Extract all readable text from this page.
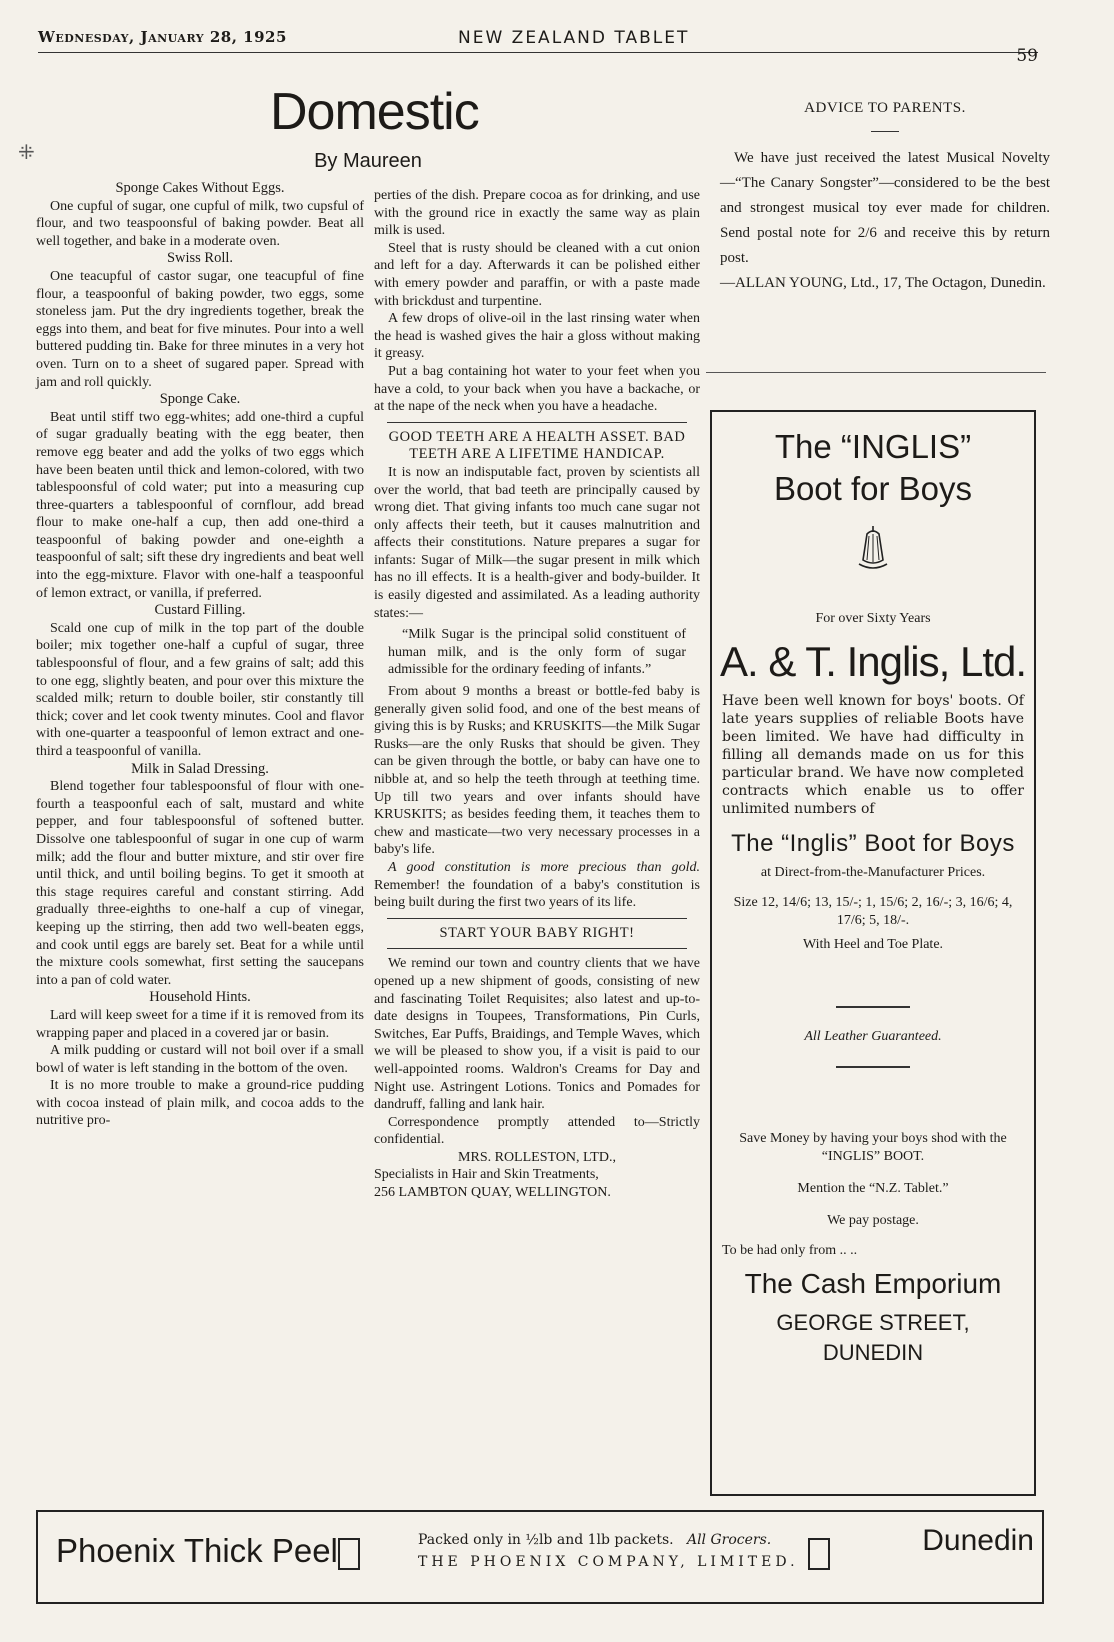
Wednesday, January 28, 1925	NEW ZEALAND TABLET
59
⁜
Domestic
By Maureen
Sponge Cakes Without Eggs.

One cupful of sugar, one cupful of milk, two cupsful of flour, and two teaspoonsful of baking powder. Beat all well together, and bake in a moderate oven.

Swiss Roll.

One teacupful of castor sugar, one teacupful of fine flour, a teaspoonful of baking powder, two eggs, some stoneless jam. Put the dry ingredients together, break the eggs into them, and beat for five minutes. Pour into a well buttered pudding tin. Bake for three minutes in a very hot oven. Turn on to a sheet of sugared paper. Spread with jam and roll quickly.

Sponge Cake.

Beat until stiff two egg-whites; add one-third a cupful of sugar gradually beating with the egg beater, then remove egg beater and add the yolks of two eggs which have been beaten until thick and lemon-colored, with two tablespoonsful of cold water; put into a measuring cup three-quarters a tablespoonful of cornflour, add bread flour to make one-half a cup, then add one-third a teaspoonful of baking powder and one-eighth a teaspoonful of salt; sift these dry ingredients and beat well into the egg-mixture. Flavor with one-half a teaspoonful of lemon extract, or vanilla, if preferred.

Custard Filling.

Scald one cup of milk in the top part of the double boiler; mix together one-half a cupful of sugar, three tablespoonsful of flour, and a few grains of salt; add this to one egg, slightly beaten, and pour over this mixture the scalded milk; return to double boiler, stir constantly till thick; cover and let cook twenty minutes. Cool and flavor with one-quarter a teaspoonful of lemon extract and one-third a teaspoonful of vanilla.

Milk in Salad Dressing.

Blend together four tablespoonsful of flour with one-fourth a teaspoonful each of salt, mustard and white pepper, and four tablespoonsful of softened butter. Dissolve one tablespoonful of sugar in one cup of warm milk; add the flour and butter mixture, and stir over fire until thick, and until boiling begins. To get it smooth at this stage requires careful and constant stirring. Add gradually three-eighths to one-half a cup of vinegar, keeping up the stirring, then add two well-beaten eggs, and cook until eggs are barely set. Beat for a while until the mixture cools somewhat, first setting the saucepans into a pan of cold water.

Household Hints.

Lard will keep sweet for a time if it is removed from its wrapping paper and placed in a covered jar or basin.

A milk pudding or custard will not boil over if a small bowl of water is left standing in the bottom of the oven.

It is no more trouble to make a ground-rice pudding with cocoa instead of plain milk, and cocoa adds to the nutritive pro-

perties of the dish. Prepare cocoa as for drinking, and use with the ground rice in exactly the same way as plain milk is used.

Steel that is rusty should be cleaned with a cut onion and left for a day. Afterwards it can be polished either with emery powder and paraffin, or with a paste made with brickdust and turpentine.

A few drops of olive-oil in the last rinsing water when the head is washed gives the hair a gloss without making it greasy.

Put a bag containing hot water to your feet when you have a cold, to your back when you have a backache, or at the nape of the neck when you have a headache.

GOOD TEETH ARE A HEALTH ASSET. BAD TEETH ARE A LIFETIME HANDICAP.

It is now an indisputable fact, proven by scientists all over the world, that bad teeth are principally caused by wrong diet. That giving infants too much cane sugar not only affects their teeth, but it causes malnutrition and affects their constitutions. Nature prepares a sugar for infants: Sugar of Milk—the sugar present in milk which has no ill effects. It is a health-giver and body-builder. It is easily digested and assimilated. As a leading authority states:—

“Milk Sugar is the principal solid constituent of human milk, and is the only form of sugar admissible for the ordinary feeding of infants.”

From about 9 months a breast or bottle-fed baby is generally given solid food, and one of the best means of giving this is by Rusks; and KRUSKITS—the Milk Sugar Rusks—are the only Rusks that should be given. They can be given through the bottle, or baby can have one to nibble at, and so help the teeth through at teething time. Up till two years and over infants should have KRUSKITS; as besides feeding them, it teaches them to chew and masticate—two very necessary processes in a baby's life.

A good constitution is more precious than gold. Remember! the foundation of a baby's constitution is being built during the first two years of its life.

START YOUR BABY RIGHT!

We remind our town and country clients that we have opened up a new shipment of goods, consisting of new and fascinating Toilet Requisites; also latest and up-to-date designs in Toupees, Transformations, Pin Curls, Switches, Ear Puffs, Braidings, and Temple Waves, which we will be pleased to show you, if a visit is paid to our well-appointed rooms. Waldron's Creams for Day and Night use. Astringent Lotions. Tonics and Pomades for dandruff, falling and lank hair.

Correspondence promptly attended to—Strictly confidential.

MRS. ROLLESTON, LTD.,

Specialists in Hair and Skin Treatments,

256 LAMBTON QUAY, WELLINGTON.

ADVICE TO PARENTS.

We have just received the latest Musical Novelty—“The Canary Songster”—considered to be the best and strongest musical toy ever made for children. Send postal note for 2/6 and receive this by return post.

—ALLAN YOUNG, Ltd., 17, The Octagon, Dunedin.

The “INGLIS”
Boot for Boys
For over Sixty Years
A. & T. Inglis, Ltd.
Have been well known for boys' boots. Of late years supplies of reliable Boots have been limited. We have had difficulty in filling all demands made on us for this particular brand. We have now completed contracts which enable us to offer unlimited numbers of
The “Inglis” Boot for Boys
at Direct-from-the-Manufacturer Prices.
Size 12, 14/6; 13, 15/-; 1, 15/6; 2, 16/-; 3, 16/6; 4, 17/6; 5, 18/-.
With Heel and Toe Plate.
All Leather Guaranteed.
Save Money by having your boys shod with the “INGLIS” BOOT.
Mention the “N.Z. Tablet.”
We pay postage.
To be had only from .. ..
The Cash Emporium
GEORGE STREET,
DUNEDIN
Phoenix Thick Peel	Packed only in ½lb and 1lb packets. All Grocers.
THE PHOENIX COMPANY, LIMITED.
Dunedin
